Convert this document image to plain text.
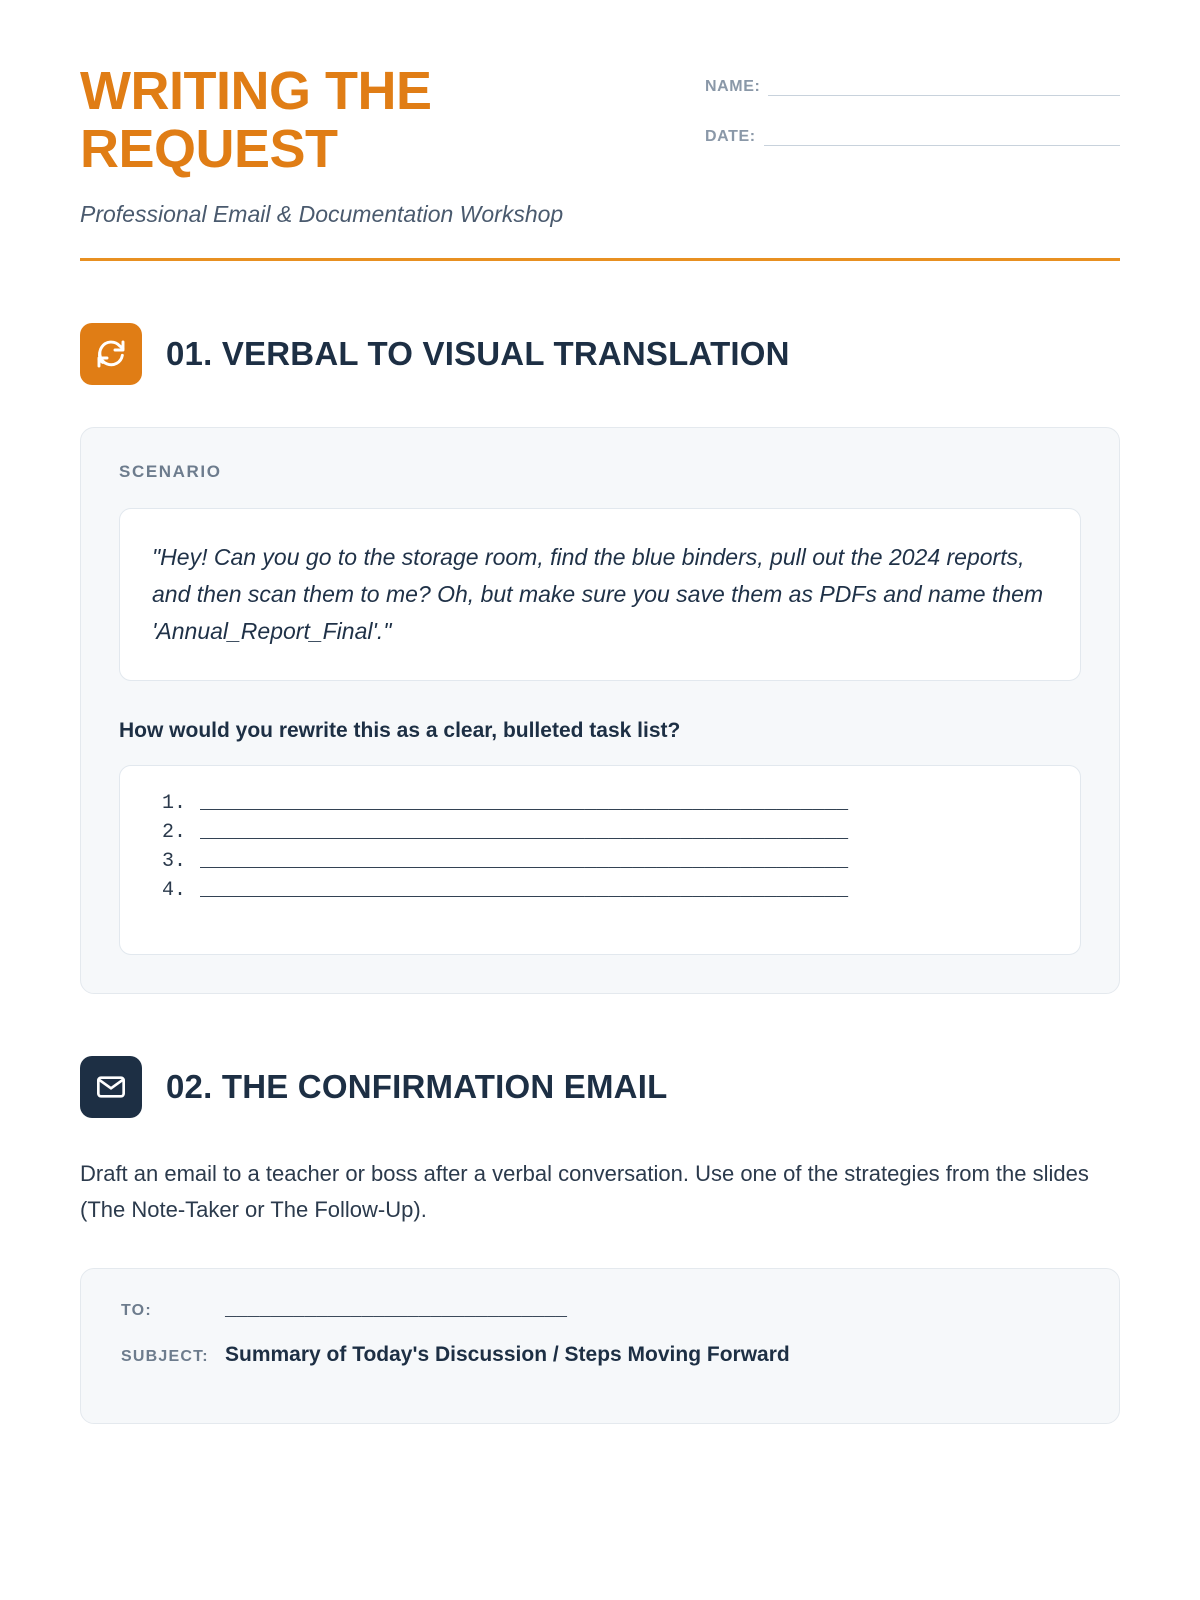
WRITING THE REQUEST
Professional Email & Documentation Workshop
NAME:
DATE:
01. VERBAL TO VISUAL TRANSLATION
SCENARIO
"Hey! Can you go to the storage room, find the blue binders, pull out the 2024 reports, and then scan them to me? Oh, but make sure you save them as PDFs and name them 'Annual_Report_Final'."
How would you rewrite this as a clear, bulleted task list?
1. ______________________________________________________
2. ______________________________________________________
3. ______________________________________________________
4. ______________________________________________________
02. THE CONFIRMATION EMAIL
Draft an email to a teacher or boss after a verbal conversation. Use one of the strategies from the slides (The Note-Taker or The Follow-Up).
TO:	______________________________
SUBJECT: Summary of Today's Discussion / Steps Moving Forward
